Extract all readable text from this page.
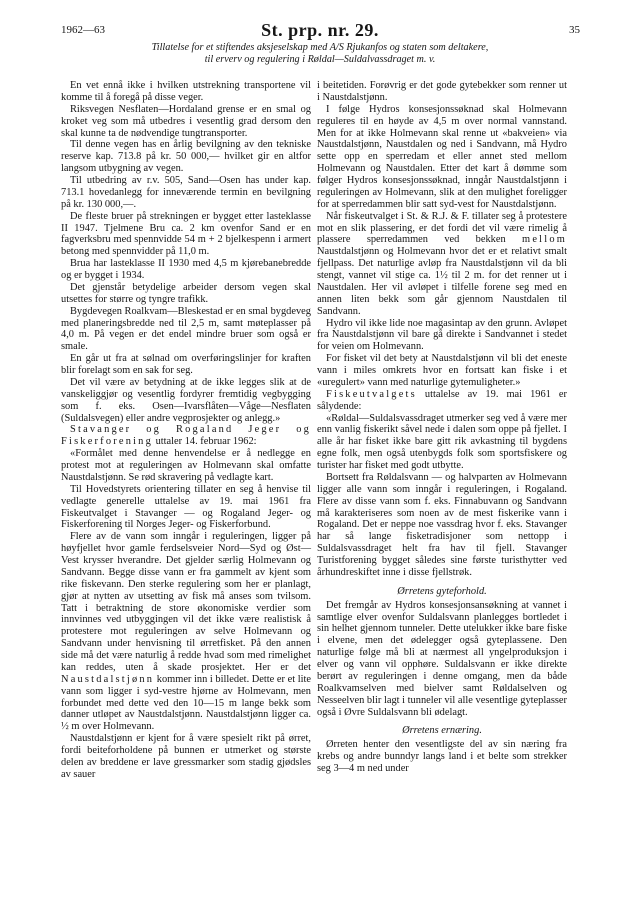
1962—63	St. prp. nr. 29.	35
Tillatelse for et stiftendes aksjeselskap med A/S Rjukanfos og staten som deltakere,
til erverv og regulering i Røldal—Suldalvassdraget m. v.

En vet ennå ikke i hvilken utstrekning transportene vil komme til å foregå på disse veger.

Riksvegen Nesflaten—Hordaland grense er en smal og kroket veg som må utbedres i vesentlig grad dersom den skal kunne ta de nødvendige tungtransporter.

Til denne vegen has en årlig bevilgning av den tekniske reserve kap. 713.8 på kr. 50 000,— hvilket gir en altfor langsom utbygning av vegen.

Til utbedring av r.v. 505, Sand—Osen has under kap. 713.1 hovedanlegg for inneværende termin en bevilgning på kr. 130 000,—.

De fleste bruer på strekningen er bygget etter lasteklasse II 1947. Tjelmene Bru ca. 2 km ovenfor Sand er en fagverksbru med spennvidde 54 m + 2 bjelkespenn i armert betong med spennvidder på 11,0 m.

Brua har lasteklasse II 1930 med 4,5 m kjørebanebredde og er bygget i 1934.

Det gjenstår betydelige arbeider dersom vegen skal utsettes for større og tyngre trafikk.

Bygdevegen Roalkvam—Bleskestad er en smal bygdeveg med planeringsbredde ned til 2,5 m, samt møteplasser på 4,0 m. På vegen er det endel mindre bruer som også er smale.

En går ut fra at sølnad om overføringslinjer for kraften blir forelagt som en sak for seg.

Det vil være av betydning at de ikke legges slik at de vanskeliggjør og vesentlig fordyrer fremtidig vegbygging som f. eks. Osen—Ivarsflåten—Våge—Nesflaten (Suldalsvegen) eller andre vegprosjekter og anlegg.»

Stavanger og Rogaland Jeger og Fiskerforening uttaler 14. februar 1962:

«Formålet med denne henvendelse er å nedlegge en protest mot at reguleringen av Holmevann skal omfatte Naustdalstjønn. Se rød skravering på vedlagte kart.

Til Hovedstyrets orientering tillater en seg å henvise til vedlagte generelle uttalelse av 19. mai 1961 fra Fiskeutvalget i Stavanger — og Rogaland Jeger- og Fiskerforening til Norges Jeger- og Fiskerforbund.

Flere av de vann som inngår i reguleringen, ligger på høyfjellet hvor gamle ferdselsveier Nord—Syd og Øst—Vest krysser hverandre. Det gjelder særlig Holmevann og Sandvann. Begge disse vann er fra gammelt av kjent som rike fiskevann. Den sterke regulering som her er planlagt, gjør at nytten av utsetting av fisk må anses som tvilsom. Tatt i betraktning de store økonomiske verdier som innvinnes ved utbyggingen vil det ikke være realistisk å protestere mot reguleringen av selve Holmevann og Sandvann under henvisning til ørretfisket. På den annen side må det være naturlig å redde hvad som med rimelighet kan reddes, uten å skade prosjektet. Her er det Naustdalstjønn kommer inn i billedet. Dette er et lite vann som ligger i syd-vestre hjørne av Holmevann, men forbundet med dette ved den 10—15 m lange bekk som danner utløpet av Naustdalstjønn. Naustdalstjønn ligger ca. ½ m over Holmevann.

Naustdalstjønn er kjent for å være spesielt rikt på ørret, fordi beiteforholdene på bunnen er utmerket og største delen av breddene er lave gressmarker som stadig gjødsles av sauer

i beitetiden. Forøvrig er det gode gytebekker som renner ut i Naustdalstjønn.

I følge Hydros konsesjonssøknad skal Holmevann reguleres til en høyde av 4,5 m over normal vannstand. Men for at ikke Holmevann skal renne ut «bakveien» via Naustdalstjønn, Naustdalen og ned i Sandvann, må Hydro sette opp en sperredam et eller annet sted mellom Holmevann og Naustdalen. Etter det kart å dømme som følger Hydros konsesjonssøknad, inngår Naustdalstjønn i reguleringen av Holmevann, slik at den mulighet foreligger for at sperredammen blir satt syd-vest for Naustdalstjønn.

Når fiskeutvalget i St. & R.J. & F. tillater seg å protestere mot en slik plassering, er det fordi det vil være rimelig å plassere sperredammen ved bekken mellom Naustdalstjønn og Holmevann hvor det er et relativt smalt fjellpass. Det naturlige avløp fra Naustdalstjønn vil da bli stengt, vannet vil stige ca. 1½ til 2 m. for det renner ut i Naustdalen. Her vil avløpet i tilfelle forene seg med en annen liten bekk som går gjennom Naustdalen til Sandvann.

Hydro vil ikke lide noe magasintap av den grunn. Avløpet fra Naustdalstjønn vil bare gå direkte i Sandvannet i stedet for veien om Holmevann.

For fisket vil det bety at Naustdalstjønn vil bli det eneste vann i miles omkrets hvor en fortsatt kan fiske i et «uregulert» vann med naturlige gytemuligheter.»

Fiskeutvalgets uttalelse av 19. mai 1961 er sålydende:

«Røldal—Suldalsvassdraget utmerker seg ved å være mer enn vanlig fiskerikt såvel nede i dalen som oppe på fjellet. I alle år har fisket ikke bare gitt rik avkastning til bygdens egne folk, men også utenbygds folk som sportsfiskere og turister har fisket med godt utbytte.

Bortsett fra Røldalsvann — og halvparten av Holmevann ligger alle vann som inngår i reguleringen, i Rogaland. Flere av disse vann som f. eks. Finnabuvann og Sandvann må karakteriseres som noen av de mest fiskerike vann i Rogaland. Det er neppe noe vassdrag hvor f. eks. Stavanger har så lange fisketradisjoner som nettopp i Suldalsvassdraget helt fra hav til fjell. Stavanger Turistforening bygget således sine første turisthytter ved århundreskiftet inne i disse fjellstrøk.

Ørretens gyteforhold.

Det fremgår av Hydros konsesjonsansøkning at vannet i samtlige elver ovenfor Suldalsvann planlegges bortledet i sin helhet gjennom tunneler. Dette utelukker ikke bare fiske i elvene, men det ødelegger også gyteplassene. Den naturlige følge må bli at nærmest all yngelproduksjon i elver og vann vil opphøre. Suldalsvann er ikke direkte berørt av reguleringen i denne omgang, men da både Roalkvamselven med bielver samt Røldalselven og Nesseelven blir lagt i tunneler vil alle vesentlige gyteplasser også i Øvre Suldalsvann bli ødelagt.

Ørretens ernæring.

Ørreten henter den vesentligste del av sin næring fra krebs og andre bunndyr langs land i et belte som strekker seg 3—4 m ned under
